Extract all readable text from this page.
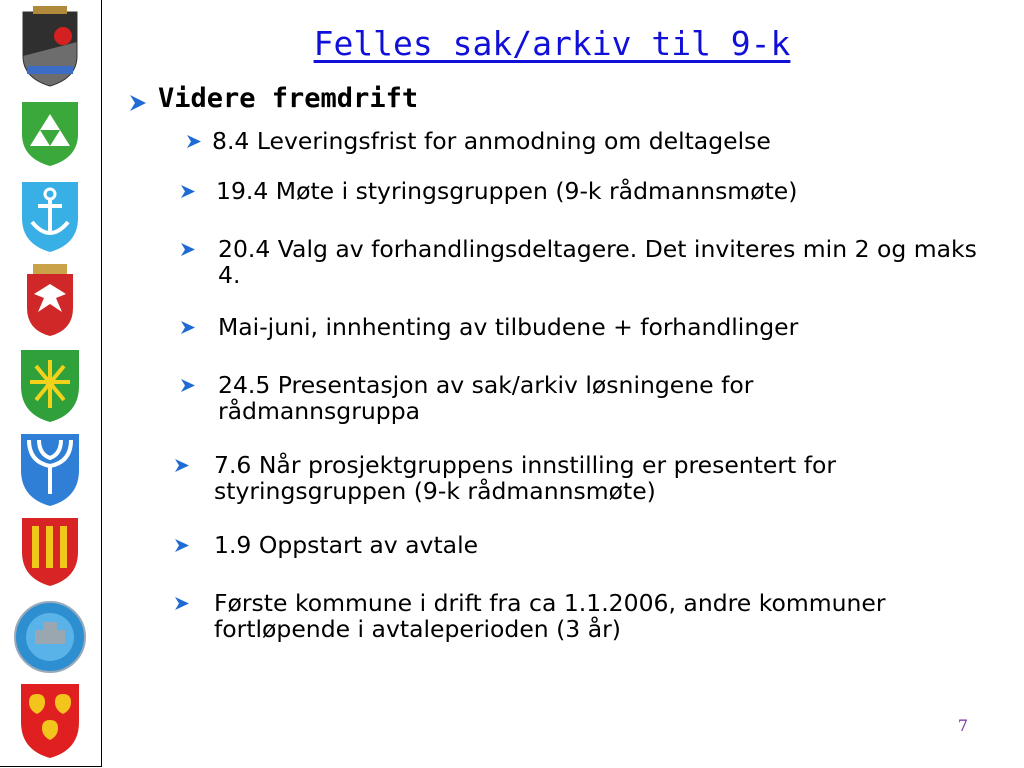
Felles sak/arkiv til 9-k
Videre fremdrift
8.4 Leveringsfrist for anmodning om deltagelse
19.4 Møte i styringsgruppen (9-k rådmannsmøte)
20.4 Valg av forhandlingsdeltagere. Det inviteres min 2 og maks 4.
Mai-juni, innhenting av tilbudene + forhandlinger
24.5 Presentasjon av sak/arkiv løsningene for rådmannsgruppa
7.6 Når prosjektgruppens innstilling er presentert for styringsgruppen (9-k rådmannsmøte)
1.9 Oppstart av avtale
Første kommune i drift fra ca 1.1.2006, andre kommuner fortløpende i avtaleperioden (3 år)
7
